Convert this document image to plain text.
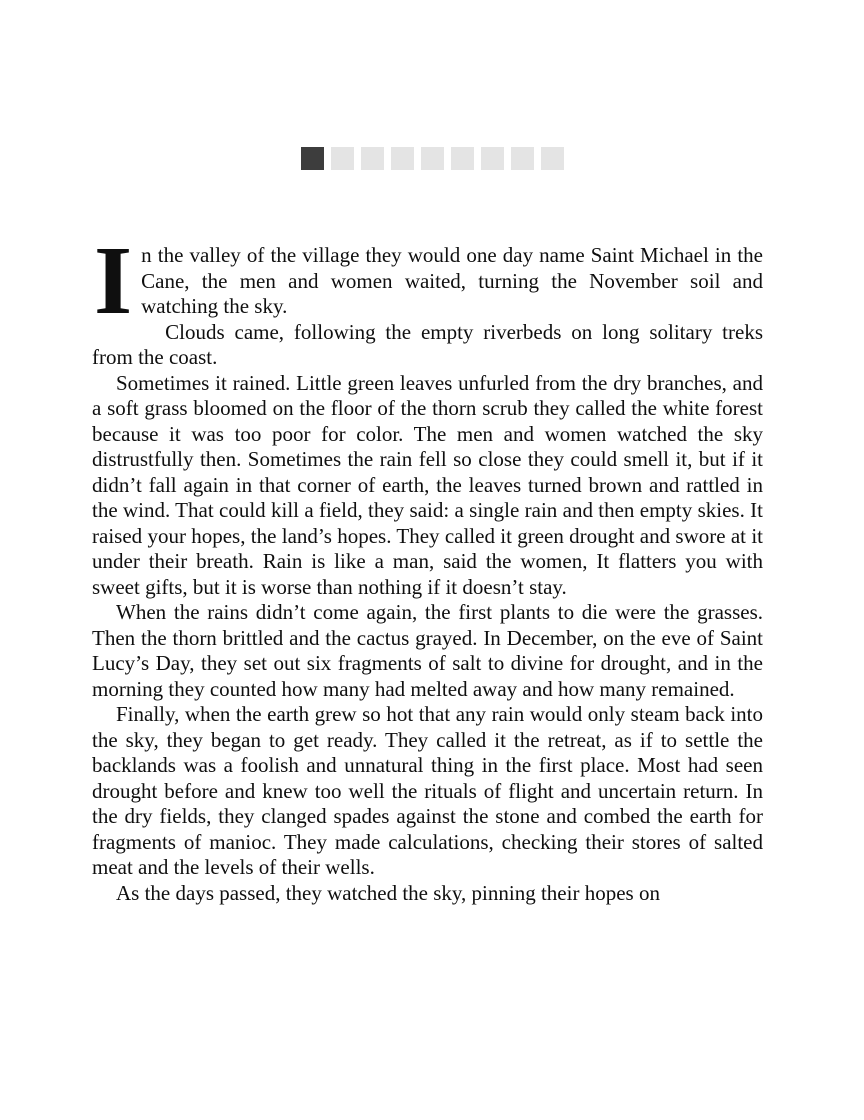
In the valley of the village they would one day name Saint Michael in the Cane, the men and women waited, turning the November soil and watching the sky.

Clouds came, following the empty riverbeds on long solitary treks from the coast.

Sometimes it rained. Little green leaves unfurled from the dry branches, and a soft grass bloomed on the floor of the thorn scrub they called the white forest because it was too poor for color. The men and women watched the sky distrustfully then. Sometimes the rain fell so close they could smell it, but if it didn’t fall again in that corner of earth, the leaves turned brown and rattled in the wind. That could kill a field, they said: a single rain and then empty skies. It raised your hopes, the land’s hopes. They called it green drought and swore at it under their breath. Rain is like a man, said the women, It flatters you with sweet gifts, but it is worse than nothing if it doesn’t stay.

When the rains didn’t come again, the first plants to die were the grasses. Then the thorn brittled and the cactus grayed. In December, on the eve of Saint Lucy’s Day, they set out six fragments of salt to divine for drought, and in the morning they counted how many had melted away and how many remained.

Finally, when the earth grew so hot that any rain would only steam back into the sky, they began to get ready. They called it the retreat, as if to settle the backlands was a foolish and unnatural thing in the first place. Most had seen drought before and knew too well the rituals of flight and uncertain return. In the dry fields, they clanged spades against the stone and combed the earth for fragments of manioc. They made calculations, checking their stores of salted meat and the levels of their wells.

As the days passed, they watched the sky, pinning their hopes on
